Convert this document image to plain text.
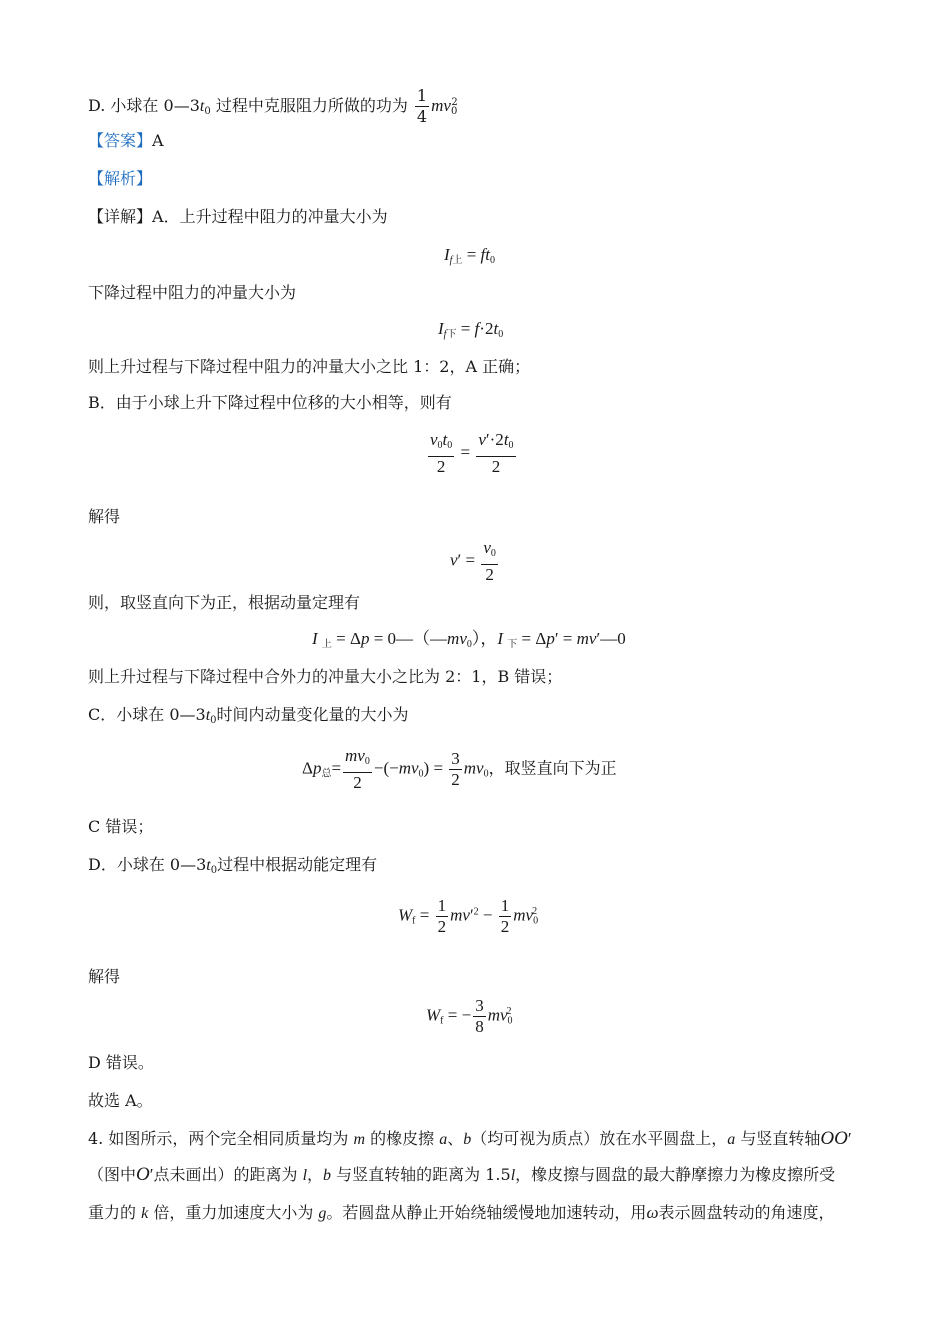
D. 小球在 $0—3t_0$ 过程中克服阻力所做的功为 $\frac{1}{4} mv_0^2$
【答案】A
【解析】
【详解】A．上升过程中阻力的冲量大小为
$I_{f上} = ft_0$
下降过程中阻力的冲量大小为
$I_{f下} = f\cdot 2t_0$
则上升过程与下降过程中阻力的冲量大小之比 1：2，A 正确；
B．由于小球上升下降过程中位移的大小相等，则有
$\frac{v_0t_0}{2} = \frac{v'\cdot 2t_0}{2}$
解得
$v' = \frac{v_0}{2}$
则，取竖直向下为正，根据动量定理有
I $_上 = \Delta p = 0—(—mv_0)$，I $_下$ = Δp′ = mv′—0
则上升过程与下降过程中合外力的冲量大小之比为 2：1，B 错误；
C．小球在 $0—3t_0$时间内动量变化量的大小为
$\Delta p_总= \frac{mv_0}{2} -(-mv_0) = \frac{3}{2} mv_0$，取竖直向下为正
C 错误；
D．小球在 $0—3t_0$过程中根据动能定理有
$W_f = \frac{1}{2} mv'^2 - \frac{1}{2} mv_0^2$
解得
$W_f$ = − $\frac{3}{8} mv_0^2$
D 错误。
故选 A。
4. 如图所示，两个完全相同质量均为 m 的橡皮擦 a、b（均可视为质点）放在水平圆盘上，a 与竖直转轴OO′
（图中O′点未画出）的距离为 l，b 与竖直转轴的距离为 1.5l，橡皮擦与圆盘的最大静摩擦力为橡皮擦所受
重力的 k 倍，重力加速度大小为 g。若圆盘从静止开始绕轴缓慢地加速转动，用ω表示圆盘转动的角速度，
